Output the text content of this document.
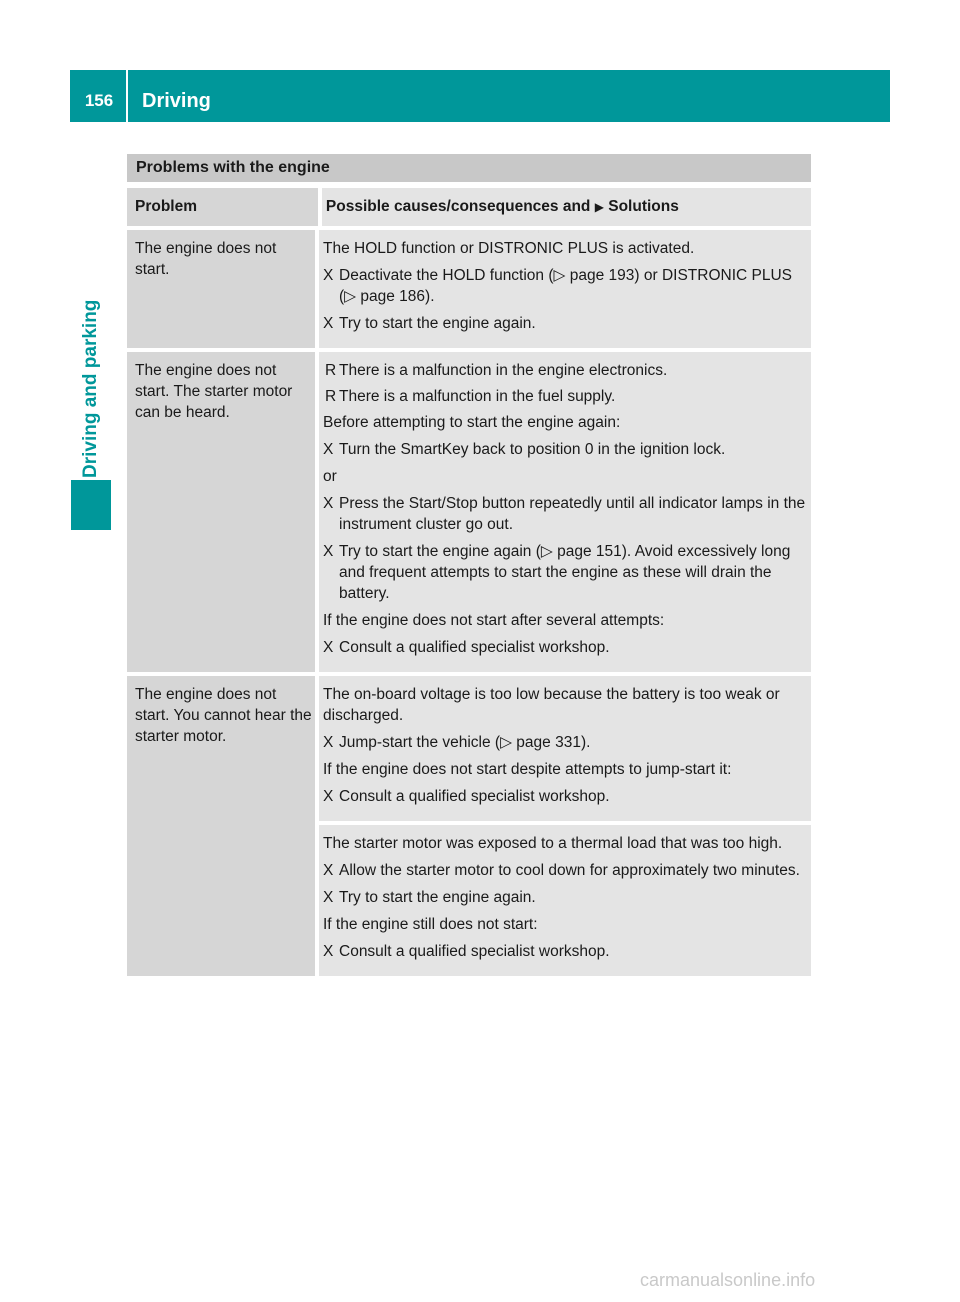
156	Driving
Driving and parking
Problems with the engine
Problem	Possible causes/consequences and ▶ Solutions
The engine does not start.

The HOLD function or DISTRONIC PLUS is activated.

X Deactivate the HOLD function (▷ page 193) or DISTRONIC PLUS (▷ page 186).
X Try to start the engine again.
The engine does not start. The starter motor can be heard.
R There is a malfunction in the engine electronics.
R There is a malfunction in the fuel supply.

Before attempting to start the engine again:

X Turn the SmartKey back to position 0 in the ignition lock.

or

X Press the Start/Stop button repeatedly until all indicator lamps in the instrument cluster go out.
X Try to start the engine again (▷ page 151). Avoid excessively long and frequent attempts to start the engine as these will drain the battery.

If the engine does not start after several attempts:

X Consult a qualified specialist workshop.
The engine does not start. You cannot hear the starter motor.

The on-board voltage is too low because the battery is too weak or discharged.

X Jump-start the vehicle (▷ page 331).

If the engine does not start despite attempts to jump-start it:

X Consult a qualified specialist workshop.

The starter motor was exposed to a thermal load that was too high.

X Allow the starter motor to cool down for approximately two minutes.
X Try to start the engine again.

If the engine still does not start:

X Consult a qualified specialist workshop.
carmanualsonline.info
